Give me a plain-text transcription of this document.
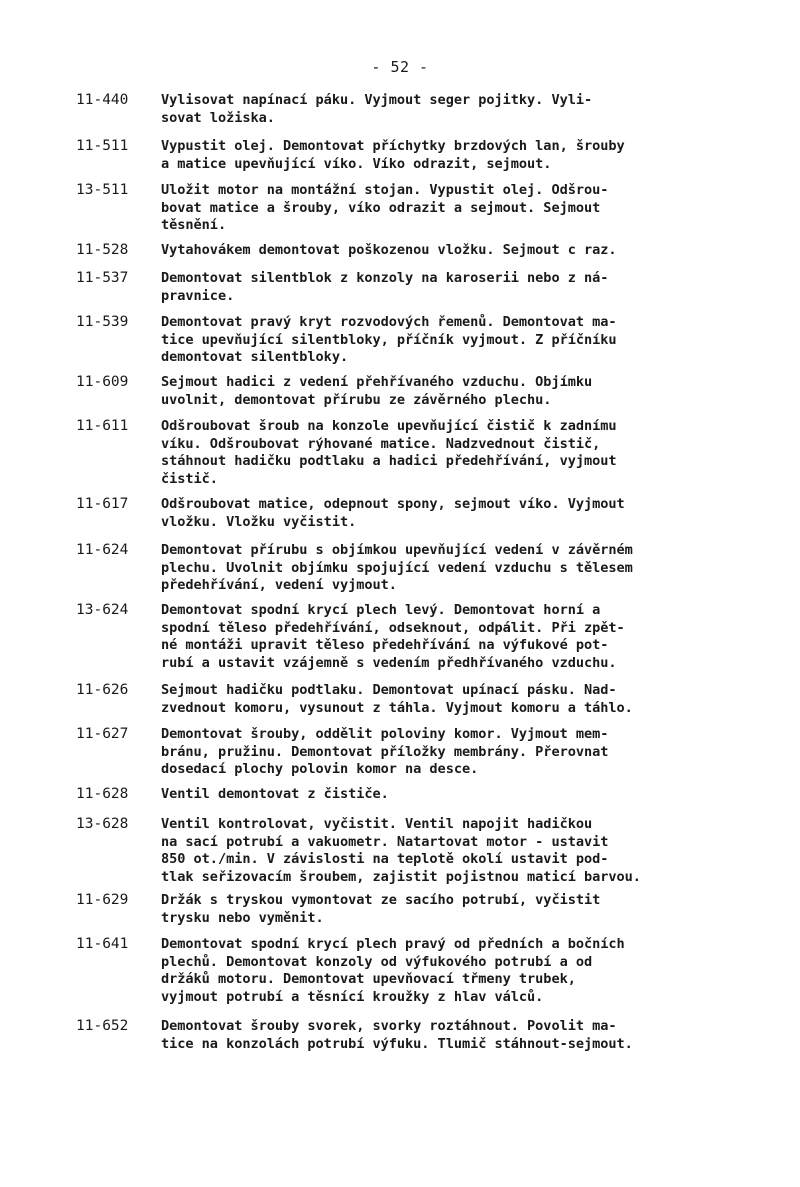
- 52 -
11-440	Vylisovat napínací páku. Vyjmout seger pojitky. Vyli-
sovat ložiska.
11-511	Vypustit olej. Demontovat příchytky brzdových lan, šrouby
a matice upevňující víko. Víko odrazit, sejmout.
13-511	Uložit motor na montážní stojan. Vypustit olej. Odšrou-
bovat matice a šrouby, víko odrazit a sejmout. Sejmout
těsnění.
11-528	Vytahovákem demontovat poškozenou vložku. Sejmout c raz.
11-537	Demontovat silentblok z konzoly na karoserii nebo z ná-
pravnice.
11-539	Demontovat pravý kryt rozvodových řemenů. Demontovat ma-
tice upevňující silentbloky, příčník vyjmout. Z příčníku
demontovat silentbloky.
11-609	Sejmout hadici z vedení přehřívaného vzduchu. Objímku
uvolnit, demontovat přírubu ze závěrného plechu.
11-611	Odšroubovat šroub na konzole upevňující čistič k zadnímu
víku. Odšroubovat rýhované matice. Nadzvednout čistič,
stáhnout hadičku podtlaku a hadici předehřívání, vyjmout
čistič.
11-617	Odšroubovat matice, odepnout spony, sejmout víko. Vyjmout
vložku. Vložku vyčistit.
11-624	Demontovat přírubu s objímkou upevňující vedení v závěrném
plechu. Uvolnit objímku spojující vedení vzduchu s tělesem
předehřívání, vedení vyjmout.
13-624	Demontovat spodní krycí plech levý. Demontovat horní a
spodní těleso předehřívání, odseknout, odpálit. Při zpět-
né montáži upravit těleso předehřívání na výfukové pot-
rubí a ustavit vzájemně s vedením předhřívaného vzduchu.
11-626	Sejmout hadičku podtlaku. Demontovat upínací pásku. Nad-
zvednout komoru, vysunout z táhla. Vyjmout komoru a táhlo.
11-627	Demontovat šrouby, oddělit poloviny komor. Vyjmout mem-
bránu, pružinu. Demontovat příložky membrány. Přerovnat
dosedací plochy polovin komor na desce.
11-628	Ventil demontovat z čističe.
13-628	Ventil kontrolovat, vyčistit. Ventil napojit hadičkou
na sací potrubí a vakuometr. Natartovat motor - ustavit
850 ot./min. V závislosti na teplotě okolí ustavit pod-
tlak seřizovacím šroubem, zajistit pojistnou maticí barvou.
11-629	Držák s tryskou vymontovat ze sacího potrubí, vyčistit
trysku nebo vyměnit.
11-641	Demontovat spodní krycí plech pravý od předních a bočních
plechů. Demontovat konzoly od výfukového potrubí a od
držáků motoru. Demontovat upevňovací třmeny trubek,
vyjmout potrubí a těsnící kroužky z hlav válců.
11-652	Demontovat šrouby svorek, svorky roztáhnout. Povolit ma-
tice na konzolách potrubí výfuku. Tlumič stáhnout-sejmout.
